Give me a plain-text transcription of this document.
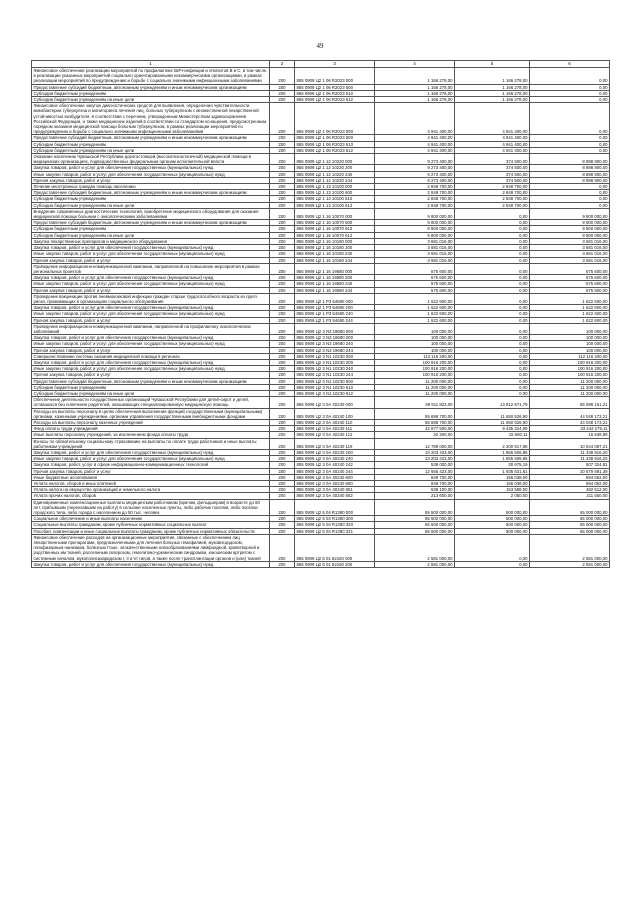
49
1	2	3	4	5	6
Финансовое обеспечение реализации мероприятий по профилактике ВИЧ-инфекции и гепатитов В и С, в том числе в реализации указанных мероприятий социально ориентированными некоммерческими организациями, в рамках реализации мероприятий по предупреждению и борьбе с социально значимыми инфекционными заболеваниями	200	855 0909 Ц2 1 06 R2023 000	1 166 278,00	1 166 278,00	0,00
Предоставление субсидий бюджетным, автономным учреждениям и иным некоммерческим организациям	200	855 0909 Ц2 1 06 R2023 600	1 166 278,00	1 166 278,00	0,00
Субсидии бюджетным учреждениям	200	855 0909 Ц2 1 06 R2023 610	1 166 278,00	1 166 278,00	0,00
Субсидии бюджетным учреждениям на иные цели	200	855 0909 Ц2 1 06 R2023 612	1 166 278,00	1 166 278,00	0,00
Финансовое обеспечение закупок диагностических средств для выявления, определения чувствительности микобактерии туберкулеза и мониторинга лечения лиц, больных туберкулезом с множественной лекарственной устойчивостью возбудителя, в соответствии с перечнем, утвержденным Министерством здравоохранения Российской Федерации, а также медицинских изделий в соответствии со стандартом оснащения, предусмотренным порядком оказания медицинской помощи больным туберкулезом, в рамках реализации мероприятий по предупреждению и борьбе с социально значимыми инфекционными заболеваниями	200	855 0909 Ц2 1 06 R2023 000	4 941 400,00	4 941 400,00	0,00
Предоставление субсидий бюджетным, автономным учреждениям и иным некоммерческим организациям	200	855 0909 Ц2 1 06 R2023 600	4 941 400,00	4 941 400,00	0,00
Субсидии бюджетным учреждениям	200	855 0909 Ц2 1 06 R2023 610	4 941 400,00	4 941 400,00	0,00
Субсидии бюджетным учреждениям на иные цели	200	855 0909 Ц2 1 06 R2023 612	4 941 400,00	4 941 400,00	0,00
Оказание населению Чувашской Республики дорогостоящей (высокотехнологичной) медицинской помощи в медицинских организациях, подведомственных федеральным органам исполнительной власти	200	855 0909 Ц2 1 12 10220 000	9 273 400,00	374 500,00	8 898 900,00
Закупка товаров, работ и услуг для обеспечения государственных (муниципальных) нужд	200	855 0909 Ц2 1 12 10220 200	9 273 400,00	374 500,00	8 898 900,00
Иные закупки товаров, работ и услуг для обеспечения государственных (муниципальных) нужд	200	855 0909 Ц2 1 12 10220 240	9 273 400,00	374 500,00	8 898 900,00
Прочая закупка товаров, работ и услуг	200	855 0909 Ц2 1 12 10220 244	9 273 400,00	374 500,00	8 898 900,00
Лечение иностранных граждан помощь населению	200	855 0909 Ц2 1 13 10100 000	2 848 700,00	2 848 700,00	0,00
Предоставление субсидий бюджетным, автономным учреждениям и иным некоммерческим организациям	200	855 0909 Ц2 1 13 10100 600	2 848 700,00	2 848 700,00	0,00
Субсидии бюджетным учреждениям	200	855 0909 Ц2 1 13 10100 610	2 848 700,00	2 848 700,00	0,00
Субсидии бюджетным учреждениям на иные цели	200	855 0909 Ц2 1 13 10100 612	2 848 700,00	2 848 700,00	0,00
Внедрение современных диагностических технологий, приобретение медицинского оборудования для оказания медицинской помощи больным с онкологическими заболеваниями	200	855 0909 Ц2 1 16 10070 000	9 800 000,00	0,00	9 800 000,00
Предоставление субсидий бюджетным, автономным учреждениям и иным некоммерческим организациям	200	855 0909 Ц2 1 16 10070 600	9 800 000,00	0,00	9 800 000,00
Субсидии бюджетным учреждениям	200	855 0909 Ц2 1 16 10070 610	9 800 000,00	0,00	9 800 000,00
Субсидии бюджетным учреждениям на иные цели	200	855 0909 Ц2 1 16 10070 612	9 800 000,00	0,00	9 800 000,00
Закупка лекарственных препаратов и медицинского оборудования	200	855 0909 Ц2 1 16 10180 000	3 681 016,00	0,00	3 681 016,00
Закупка товаров, работ и услуг для обеспечения государственных (муниципальных) нужд	200	855 0909 Ц2 1 16 10180 200	3 681 016,00	0,00	3 681 016,00
Иные закупки товаров, работ и услуг для обеспечения государственных (муниципальных) нужд	200	855 0909 Ц2 1 16 10180 240	3 681 016,00	0,00	3 681 016,00
Прочая закупка товаров, работ и услуг	200	855 0909 Ц2 1 16 10180 244	3 681 016,00	0,00	3 681 016,00
Проведение информационно-коммуникационной кампании, направленной на повышение мероприятия в рамках региональных проектов	200	855 0909 Ц2 1 16 19580 000	575 600,00	0,00	575 600,00
Закупка товаров, работ и услуг для обеспечения государственных (муниципальных) нужд	200	855 0909 Ц2 1 16 19580 200	575 600,00	0,00	575 600,00
Иные закупки товаров, работ и услуг для обеспечения государственных (муниципальных) нужд	200	855 0909 Ц2 1 16 19580 240	575 600,00	0,00	575 600,00
Прочая закупка товаров, работ и услуг	200	855 0909 Ц2 1 16 19580 244	575 600,00	0,00	575 600,00
Проведение вакцинации против пневмококковой инфекции граждан старше трудоспособного возраста из групп риска, проживающих в организациях социального обслуживания	200	855 0909 Ц2 1 Р3 54680 000	1 622 600,00	0,00	1 622 600,00
Закупка товаров, работ и услуг для обеспечения государственных (муниципальных) нужд	200	855 0909 Ц2 1 Р3 54680 200	1 622 600,00	0,00	1 622 600,00
Иные закупки товаров, работ и услуг для обеспечения государственных (муниципальных) нужд	200	855 0909 Ц2 1 Р3 54680 240	1 622 600,00	0,00	1 622 600,00
Прочая закупка товаров, работ и услуг	200	855 0909 Ц2 1 Р3 54680 244	1 622 600,00	0,00	1 622 600,00
Проведение информационно-коммуникационной кампании, направленной на профилактику онкологических заболеваний	200	855 0909 Ц2 3 N3 19680 000	100 000,00	0,00	100 000,00
Закупка товаров, работ и услуг для обеспечения государственных (муниципальных) нужд	200	855 0909 Ц2 3 N3 19680 200	100 000,00	0,00	100 000,00
Иные закупки товаров, работ и услуг для обеспечения государственных (муниципальных) нужд	200	855 0909 Ц2 3 N3 19680 240	100 000,00	0,00	100 000,00
Прочая закупка товаров, работ и услуг	200	855 0909 Ц2 3 N3 19680 244	100 000,00	0,00	100 000,00
Совершенствование системы оказания медицинской помощи в регионах	200	855 0909 Ц2 3 N1 10230 000	112 116 200,00	0,00	112 116 200,00
Закупка товаров, работ и услуг для обеспечения государственных (муниципальных) нужд	200	855 0909 Ц2 3 N1 10230 200	100 916 200,00	0,00	100 916 200,00
Иные закупки товаров, работ и услуг для обеспечения государственных (муниципальных) нужд	200	855 0909 Ц2 3 N1 10230 240	100 916 200,00	0,00	100 916 200,00
Прочая закупка товаров, работ и услуг	200	855 0909 Ц2 3 N1 10230 244	100 916 200,00	0,00	100 916 200,00
Предоставление субсидий бюджетным, автономным учреждениям и иным некоммерческим организациям	200	855 0909 Ц2 3 N1 10230 600	11 200 000,00	0,00	11 200 000,00
Субсидии бюджетным учреждениям	200	855 0909 Ц2 3 N1 10230 610	11 200 000,00	0,00	11 200 000,00
Субсидии бюджетным учреждениям на иные цели	200	855 0909 Ц2 3 N1 10230 612	11 200 000,00	0,00	11 200 000,00
Обеспечение деятельности государственных организаций Чувашской Республики для детей-сирот и детей, оставшихся без попечения родителей, оказывающих специализированную медицинскую помощь	200	855 0909 Ц2 3 0А 40240 000	69 911 823,00	13 812 671,79	56 099 151,21
Расходы на выплаты персоналу в целях обеспечения выполнения функций государственными (муниципальными) органами, казенными учреждениями, органами управления государственными внебюджетными фондами	200	855 0909 Ц2 3 0А 40240 100	55 698 700,00	11 650 526,90	44 048 173,21
Расходы на выплаты персоналу казенных учреждений	200	855 0909 Ц2 3 0А 40240 110	55 698 700,00	11 650 526,90	44 048 173,21
Фонд оплаты труда учреждений	200	855 0909 Ц2 3 0А 40240 111	42 877 500,00	9 435 224,99	33 442 275,11
Иные выплаты персоналу учреждений, за исключением фонда оплаты труда	200	855 0909 Ц2 3 0А 40240 112	32 200,00	15 560,11	16 639,89
Взносы по обязательному социальному страхованию на выплаты по оплате труда работников и иные выплаты работникам учреждений	200	855 0909 Ц2 3 0А 40240 119	12 789 000,00	2 200 917,88	10 544 087,21
Закупка товаров, работ и услуг для обеспечения государственных (муниципальных) нужд	200	855 0909 Ц2 3 0А 40240 200	13 203 423,00	1 865 506,85	11 338 916,20
Иные закупки товаров, работ и услуг для обеспечения государственных (муниципальных) нужд	200	855 0909 Ц2 3 0А 40240 240	13 203 423,00	1 865 506,85	11 338 916,20
Закупка товаров, работ, услуг в сфере информационно-коммуникационных технологий	200	855 0909 Ц2 3 0А 40240 242	538 000,00	30 675,19	507 324,81
Прочая закупка товаров, работ и услуг	200	855 0909 Ц2 3 0А 40240 244	12 665 423,00	1 935 631,61	10 679 591,39
Иные бюджетные ассигнования	200	855 0909 Ц2 3 0А 40240 800	849 700,00	155 038,00	694 062,00
Уплата налогов, сборов и иных платежей	200	855 0909 Ц2 3 0А 40240 850	849 700,00	155 038,00	694 062,00
Уплата налога на имущество организаций и земельного налога	200	855 0909 Ц2 3 0А 40240 851	638 100,00	153 588,00	482 512,00
Уплата прочих налогов, сборов	200	855 0909 Ц2 3 0А 40240 852	213 600,00	2 050,00	211 550,00
Единовременные компенсационные выплаты медицинским работникам (врачам, фельдшерам) в возрасте до 50 лет, прибывшим (переехавшим на работу) в сельские населенные пункты, либо рабочие поселки, либо поселки городского типа, либо города с населением до 50 тыс. человек	200	855 0909 Ц2 5 04 R1380 000	65 500 000,00	500 000,00	65 000 000,00
Социальное обеспечение и иные выплаты населению	200	855 0909 Ц2 5 04 R1380 300	65 500 000,00	500 000,00	65 000 000,00
Социальные выплаты гражданам, кроме публичных нормативных социальных выплат	200	855 0909 Ц2 5 04 R1380 320	65 500 000,00	500 000,00	65 000 000,00
Пособия, компенсации и иные социальные выплаты гражданам, кроме публичных нормативных обязательств	200	855 0909 Ц2 5 04 R1380 321	65 500 000,00	500 000,00	65 000 000,00
Финансовое обеспечение расходов на организационные мероприятия, связанные с обеспечением лиц лекарственными препаратами, предназначенными для лечения больных гемофилией, муковисцидозом, гипофизарным нанизмом, болезнью Гоше, злокачественными новообразованиями лимфоидной, кроветворной и родственных им тканей, рассеянным склерозом, гемолитико-уремическим синдромом, юношеским артритом с системным началом, мукополисахаридозом I, II и VI типов, а также после трансплантации органов и (или) тканей	200	855 0909 Ц2 6 01 52160 000	2 581 000,00	0,00	2 581 000,00
Закупка товаров, работ и услуг для обеспечения государственных (муниципальных) нужд	200	855 0909 Ц2 6 01 52160 200	2 581 000,00	0,00	2 581 000,00
